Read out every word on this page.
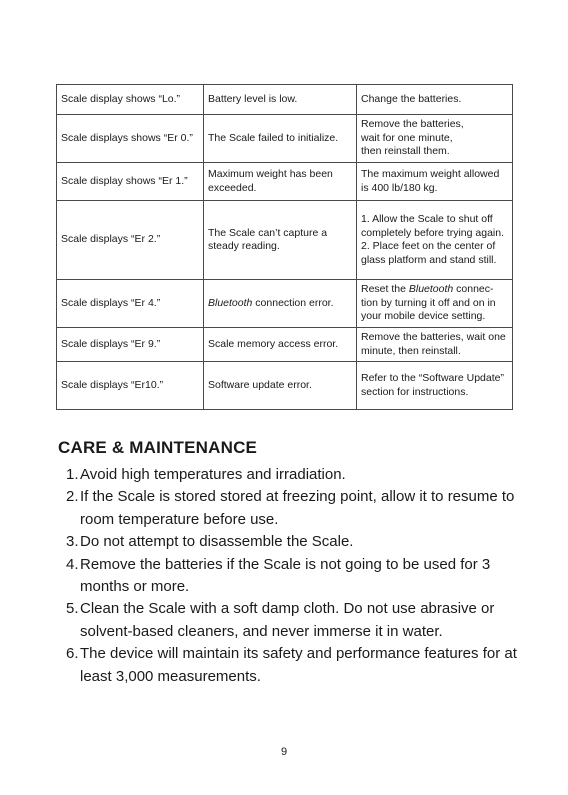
Scale display shows “Lo.”	Battery level is low.	Change the batteries.
Scale displays shows “Er 0.”	The Scale failed to initialize.	Remove the batteries,
wait for one minute,
then reinstall them.
Scale display shows “Er 1.”	Maximum weight has been exceeded.	The maximum weight allowed is 400 lb/180 kg.
Scale displays “Er 2.”	The Scale can’t capture a steady reading.	1. Allow the Scale to shut off completely before trying again.
2. Place feet on the center of glass platform and stand still.
Scale displays “Er 4.”	Bluetooth connection error.	Reset the Bluetooth connec-
tion by turning it off and on in your mobile device setting.
Scale displays “Er 9.”	Scale memory access error.	Remove the batteries, wait one minute, then reinstall.
Scale displays “Er10.”	Software update error.	Refer to the “Software Update” section for instructions.
CARE & MAINTENANCE
1. Avoid high temperatures and irradiation.
2. If the Scale is stored stored at freezing point, allow it to resume to room temperature before use.
3. Do not attempt to disassemble the Scale.
4. Remove the batteries if the Scale is not going to be used for 3 months or more.
5. Clean the Scale with a soft damp cloth. Do not use abrasive or solvent-based cleaners, and never immerse it in water.
6. The device will maintain its safety and performance features for at least 3,000 measurements.
9
